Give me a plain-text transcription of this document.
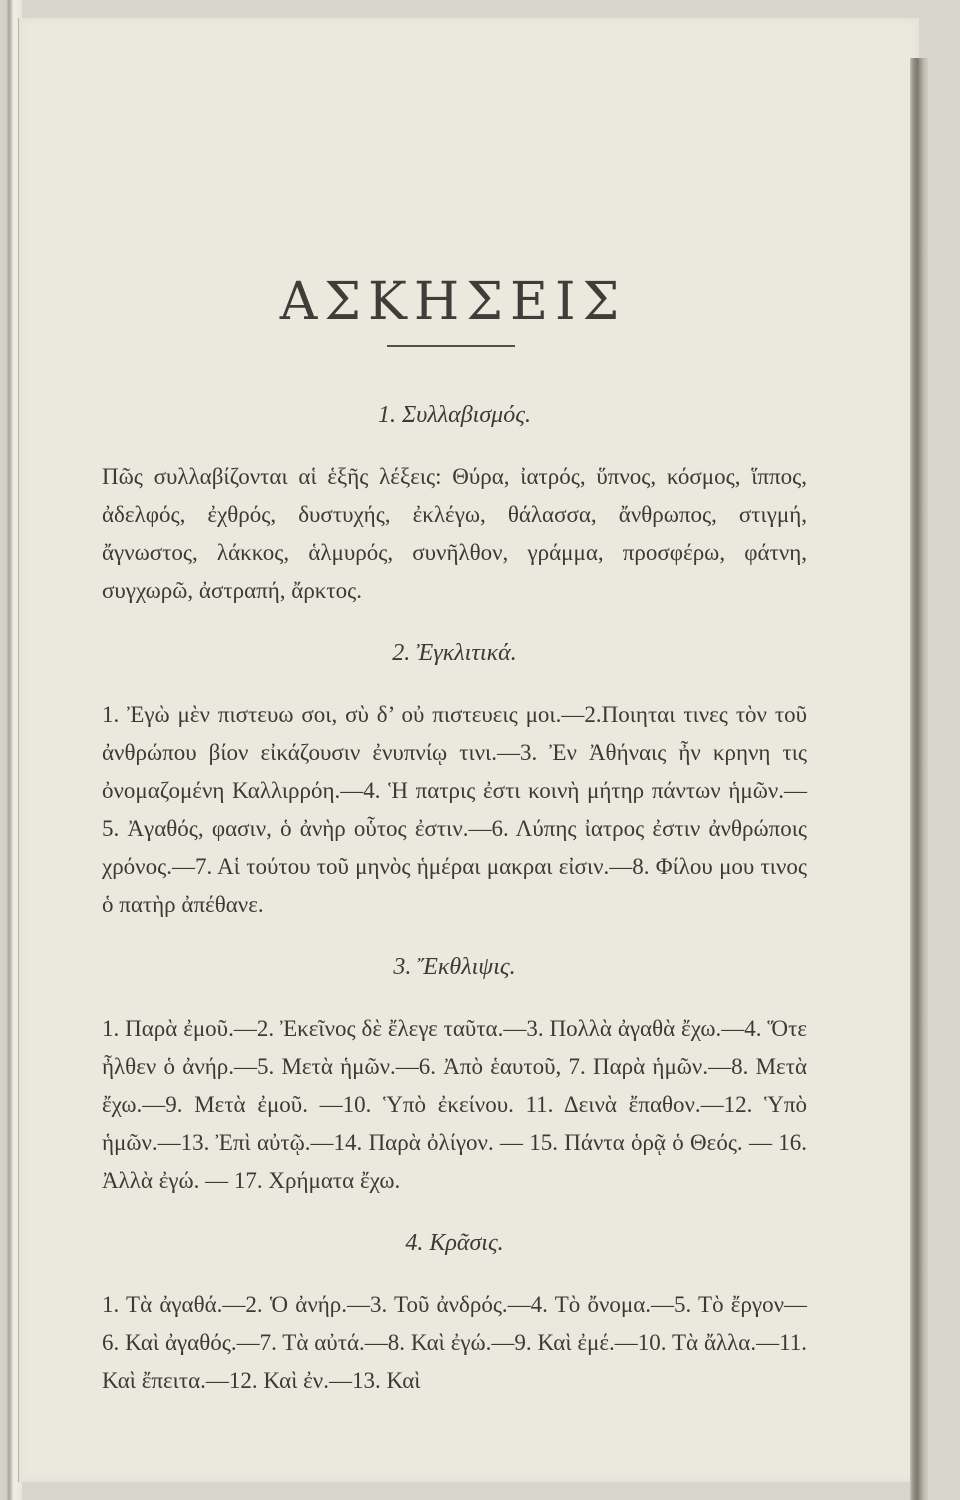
ΑΣΚΗΣΕΙΣ
1. Συλλαβισμός.
Πῶς συλλαβίζονται αἱ ἑξῆς λέξεις: Θύρα, ἰατρός, ὕπνος, κόσμος, ἵππος, ἀδελφός, ἐχθρός, δυστυχής, ἐκλέγω, θάλασσα, ἄνθρωπος, στιγμή, ἄγνωστος, λάκκος, ἁλμυρός, συνῆλθον, γράμμα, προσφέρω, φάτνη, συγχωρῶ, ἀστραπή, ἄρκτος.
2. Ἐγκλιτικά.
1. Ἐγὼ μὲν πιστευω σοι, σὺ δ’ οὐ πιστευεις μοι.—2.Ποιηται τινες τὸν τοῦ ἀνθρώπου βίον εἰκάζουσιν ἐνυπνίῳ τινι.—3. Ἐν Ἀθήναις ἦν κρηνη τις ὀνομαζομένη Καλλιρρόη.—4. Ἡ πατρις ἐστι κοινὴ μήτηρ πάντων ἡμῶν.—5. Ἀγαθός, φασιν, ὁ ἀνὴρ οὗτος ἐστιν.—6. Λύπης ἰατρος ἐστιν ἀνθρώποις χρόνος.—7. Αἱ τούτου τοῦ μηνὸς ἡμέραι μακραι εἰσιν.—8. Φίλου μου τινος ὁ πατὴρ ἀπέθανε.
3. Ἔκθλιψις.
1. Παρὰ ἐμοῦ.—2. Ἐκεῖνος δὲ ἔλεγε ταῦτα.—3. Πολλὰ ἀγαθὰ ἔχω.—4. Ὅτε ἦλθεν ὁ ἀνήρ.—5. Μετὰ ἡμῶν.—6. Ἀπὸ ἑαυτοῦ, 7. Παρὰ ἡμῶν.—8. Μετὰ ἔχω.—9. Μετὰ ἐμοῦ. —10. Ὑπὸ ἐκείνου. 11. Δεινὰ ἔπαθον.—12. Ὑπὸ ἡμῶν.—13. Ἐπὶ αὐτῷ.—14. Παρὰ ὀλίγον. — 15. Πάντα ὁρᾷ ὁ Θεός. — 16. Ἀλλὰ ἐγώ. — 17. Χρήματα ἔχω.
4. Κρᾶσις.
1. Τὰ ἀγαθά.—2. Ὁ ἀνήρ.—3. Τοῦ ἀνδρός.—4. Τὸ ὄνομα.—5. Τὸ ἔργον—6. Καὶ ἀγαθός.—7. Τὰ αὐτά.—8. Καὶ ἐγώ.—9. Καὶ ἐμέ.—10. Τὰ ἄλλα.—11. Καὶ ἔπειτα.—12. Καὶ ἐν.—13. Καὶ
